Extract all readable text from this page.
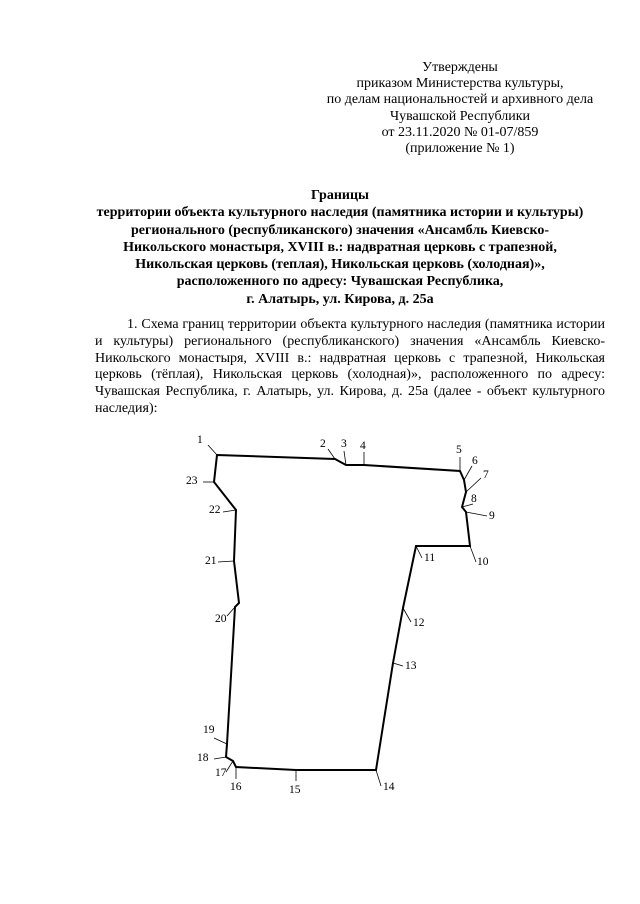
Утверждены
приказом Министерства культуры,
по делам национальностей и архивного дела
Чувашской Республики
от 23.11.2020 № 01-07/859
(приложение № 1)
Границы
территории объекта культурного наследия (памятника истории и культуры)
регионального (республиканского) значения «Ансамбль Киевско-
Никольского монастыря, XVIII в.: надвратная церковь с трапезной,
Никольская церковь (теплая), Никольская церковь (холодная)»,
расположенного по адресу: Чувашская Республика,
г. Алатырь, ул. Кирова, д. 25а

1. Схема границ территории объекта культурного наследия (памятника истории и культуры) регионального (республиканского) значения «Ансамбль Киевско-Никольского монастыря, XVIII в.: надвратная церковь с трапезной, Никольская церковь (тёплая), Никольская церковь (холодная)», расположенного по адресу: Чувашская Республика, г. Алатырь, ул. Кирова, д. 25а (далее - объект культурного наследия):

1	2 3 4	5
6
7
8
9
10
11
12
13
14
15
16
17
18
19
20
21
22
23
